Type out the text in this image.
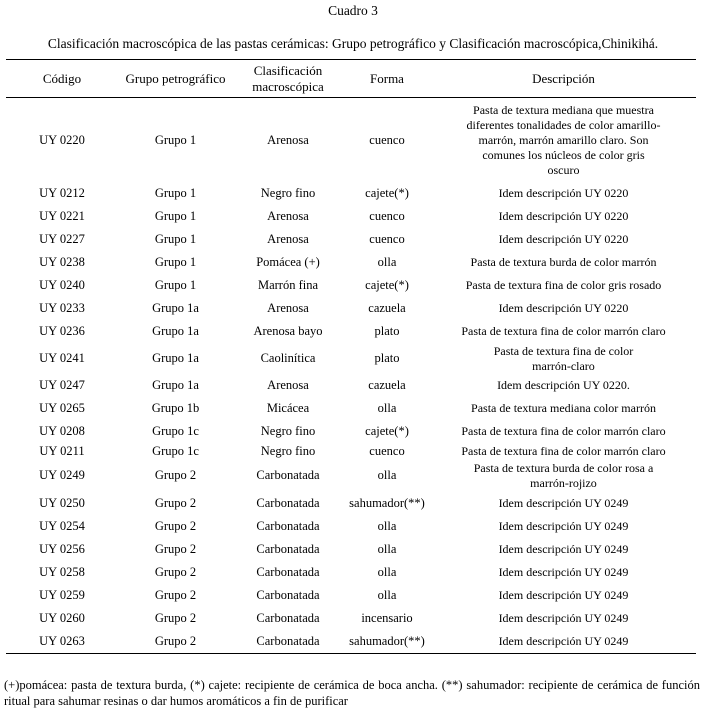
Cuadro 3
Clasificación macroscópica de las pastas cerámicas: Grupo petrográfico y Clasificación macroscópica,Chinikihá.
Código	Grupo petrográfico	Clasificación macroscópica	Forma	Descripción
UY 0220	Grupo 1	Arenosa	cuenco	Pasta de textura mediana que muestra diferentes tonalidades de color amarillo-marrón, marrón amarillo claro. Son comunes los núcleos de color gris oscuro
UY 0212	Grupo 1	Negro fino	cajete(*)	Idem descripción UY 0220
UY 0221	Grupo 1	Arenosa	cuenco	Idem descripción UY 0220
UY 0227	Grupo 1	Arenosa	cuenco	Idem descripción UY 0220
UY 0238	Grupo 1	Pomácea (+)	olla	Pasta de textura burda de color marrón
UY 0240	Grupo 1	Marrón fina	cajete(*)	Pasta de textura fina de color gris rosado
UY 0233	Grupo 1a	Arenosa	cazuela	Idem descripción UY 0220
UY 0236	Grupo 1a	Arenosa bayo	plato	Pasta de textura fina de color marrón claro
UY 0241	Grupo 1a	Caolinítica	plato	Pasta de textura fina de color marrón-claro
UY 0247	Grupo 1a	Arenosa	cazuela	Idem descripción UY 0220.
UY 0265	Grupo 1b	Micácea	olla	Pasta de textura mediana color marrón
UY 0208	Grupo 1c	Negro fino	cajete(*)	Pasta de textura fina de color marrón claro
UY 0211	Grupo 1c	Negro fino	cuenco	Pasta de textura fina de color marrón claro
UY 0249	Grupo 2	Carbonatada	olla	Pasta de textura burda de color rosa a marrón-rojizo
UY 0250	Grupo 2	Carbonatada	sahumador(**)	Idem descripción UY 0249
UY 0254	Grupo 2	Carbonatada	olla	Idem descripción UY 0249
UY 0256	Grupo 2	Carbonatada	olla	Idem descripción UY 0249
UY 0258	Grupo 2	Carbonatada	olla	Idem descripción UY 0249
UY 0259	Grupo 2	Carbonatada	olla	Idem descripción UY 0249
UY 0260	Grupo 2	Carbonatada	incensario	Idem descripción UY 0249
UY 0263	Grupo 2	Carbonatada	sahumador(**)	Idem descripción UY 0249
(+)pomácea: pasta de textura burda, (*) cajete: recipiente de cerámica de boca ancha. (**) sahumador: recipiente de cerámica de función ritual para sahumar resinas o dar humos aromáticos a fin de purificar
